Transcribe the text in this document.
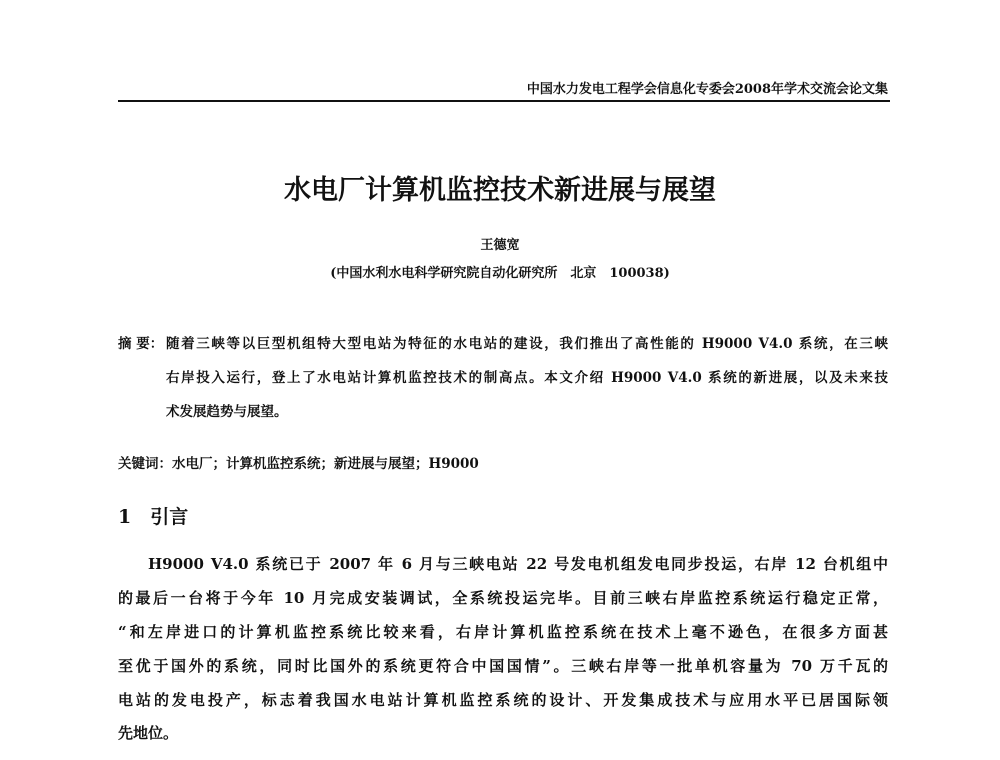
中国水力发电工程学会信息化专委会2008年学术交流会论文集
水电厂计算机监控技术新进展与展望
王德宽
(中国水利水电科学研究院自动化研究所　北京　100038)
摘 要： 随着三峡等以巨型机组特大型电站为特征的水电站的建设，我们推出了高性能的 H9000 V4.0 系统，在三峡
右岸投入运行，登上了水电站计算机监控技术的制高点。本文介绍 H9000 V4.0 系统的新进展，以及未来技
术发展趋势与展望。
关键词：水电厂；计算机监控系统；新进展与展望；H9000
1　引言
H9000 V4.0 系统已于 2007 年 6 月与三峡电站 22 号发电机组发电同步投运，右岸 12 台机组中
的最后一台将于今年 10 月完成安装调试，全系统投运完毕。目前三峡右岸监控系统运行稳定正常，
“和左岸进口的计算机监控系统比较来看，右岸计算机监控系统在技术上毫不逊色，在很多方面甚
至优于国外的系统，同时比国外的系统更符合中国国情”。三峡右岸等一批单机容量为 70 万千瓦的
电站的发电投产，标志着我国水电站计算机监控系统的设计、开发集成技术与应用水平已居国际领
先地位。
